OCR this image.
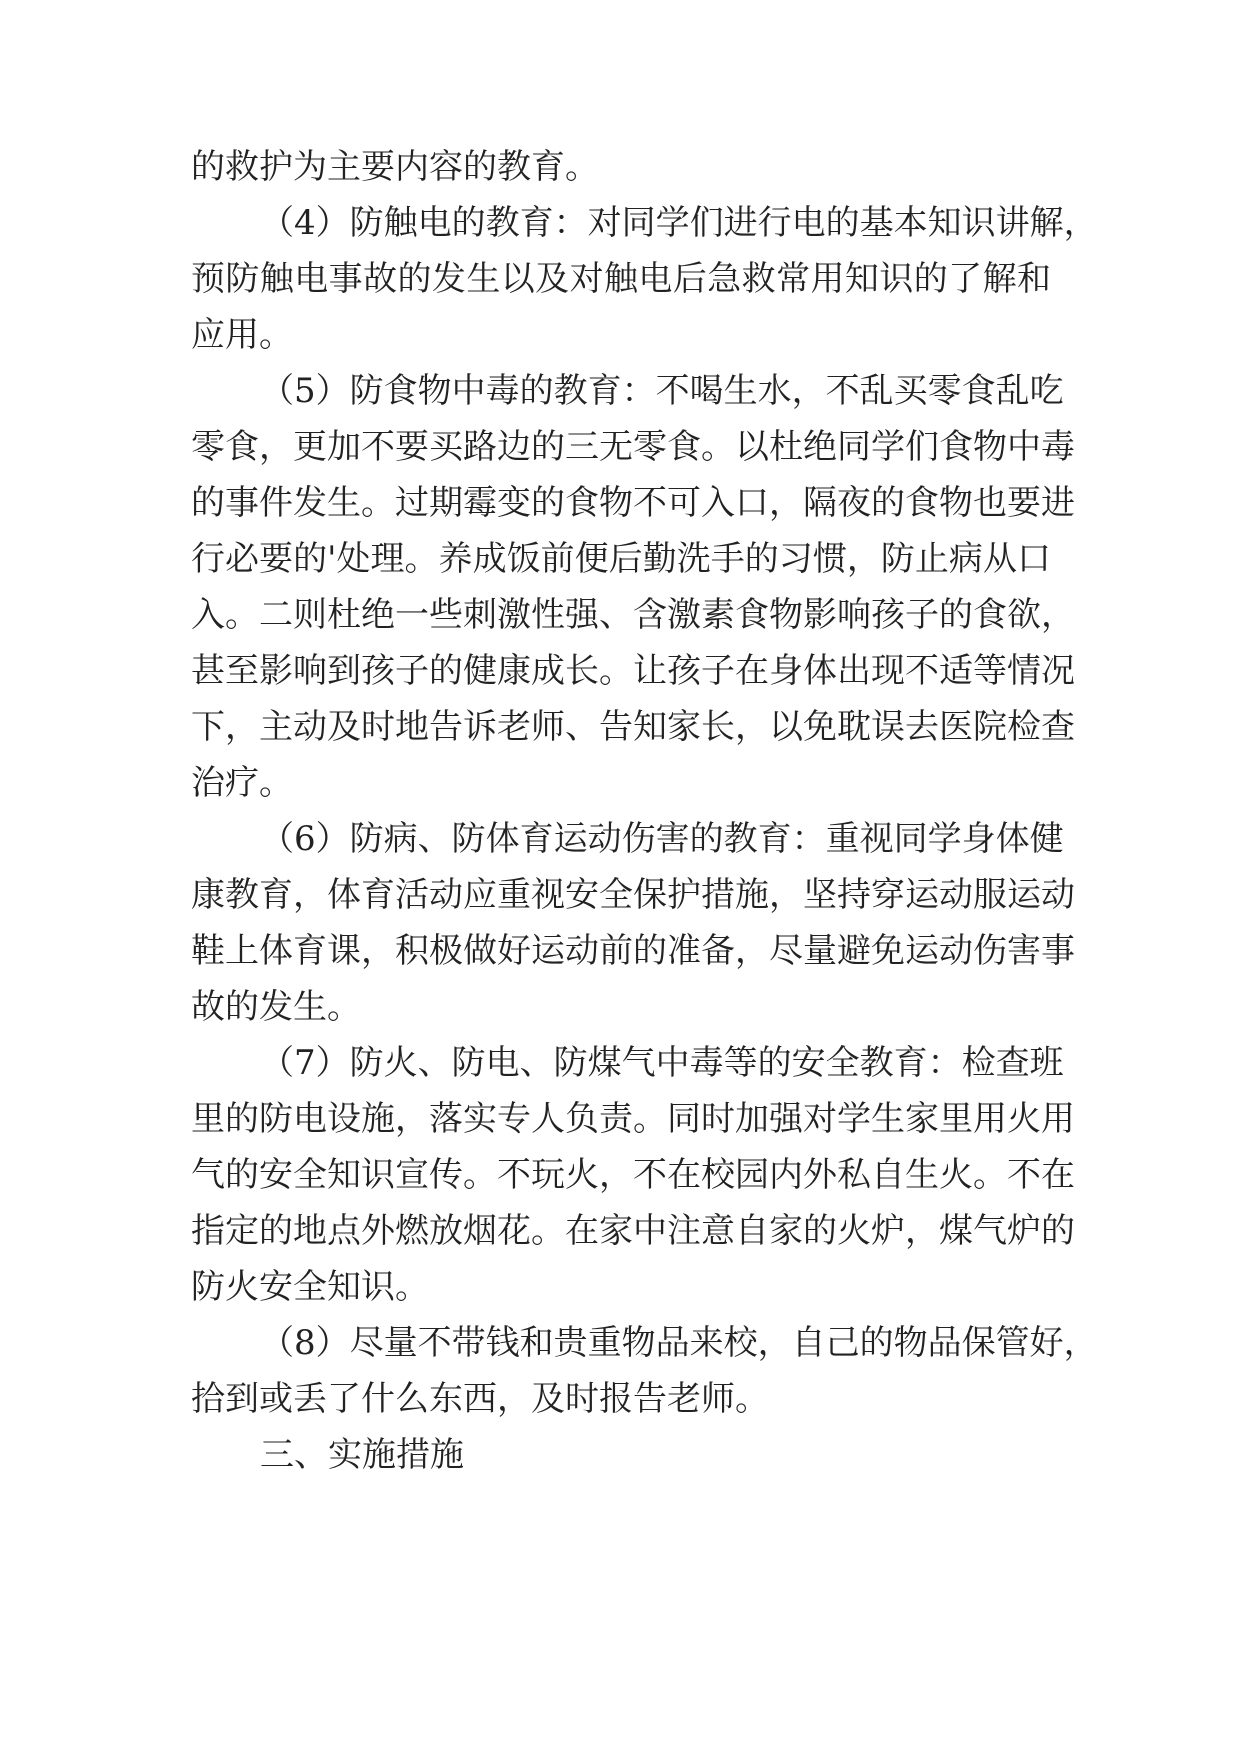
的救护为主要内容的教育。
（4）防触电的教育：对同学们进行电的基本知识讲解，
预防触电事故的发生以及对触电后急救常用知识的了解和
应用。
（5）防食物中毒的教育：不喝生水，不乱买零食乱吃
零食，更加不要买路边的三无零食。以杜绝同学们食物中毒
的事件发生。过期霉变的食物不可入口，隔夜的食物也要进
行必要的'处理。养成饭前便后勤洗手的习惯，防止病从口
入。二则杜绝一些刺激性强、含激素食物影响孩子的食欲，
甚至影响到孩子的健康成长。让孩子在身体出现不适等情况
下，主动及时地告诉老师、告知家长，以免耽误去医院检查
治疗。
（6）防病、防体育运动伤害的教育：重视同学身体健
康教育，体育活动应重视安全保护措施，坚持穿运动服运动
鞋上体育课，积极做好运动前的准备，尽量避免运动伤害事
故的发生。
（7）防火、防电、防煤气中毒等的安全教育：检查班
里的防电设施，落实专人负责。同时加强对学生家里用火用
气的安全知识宣传。不玩火，不在校园内外私自生火。不在
指定的地点外燃放烟花。在家中注意自家的火炉，煤气炉的
防火安全知识。
（8）尽量不带钱和贵重物品来校，自己的物品保管好，
拾到或丢了什么东西，及时报告老师。
三、实施措施
